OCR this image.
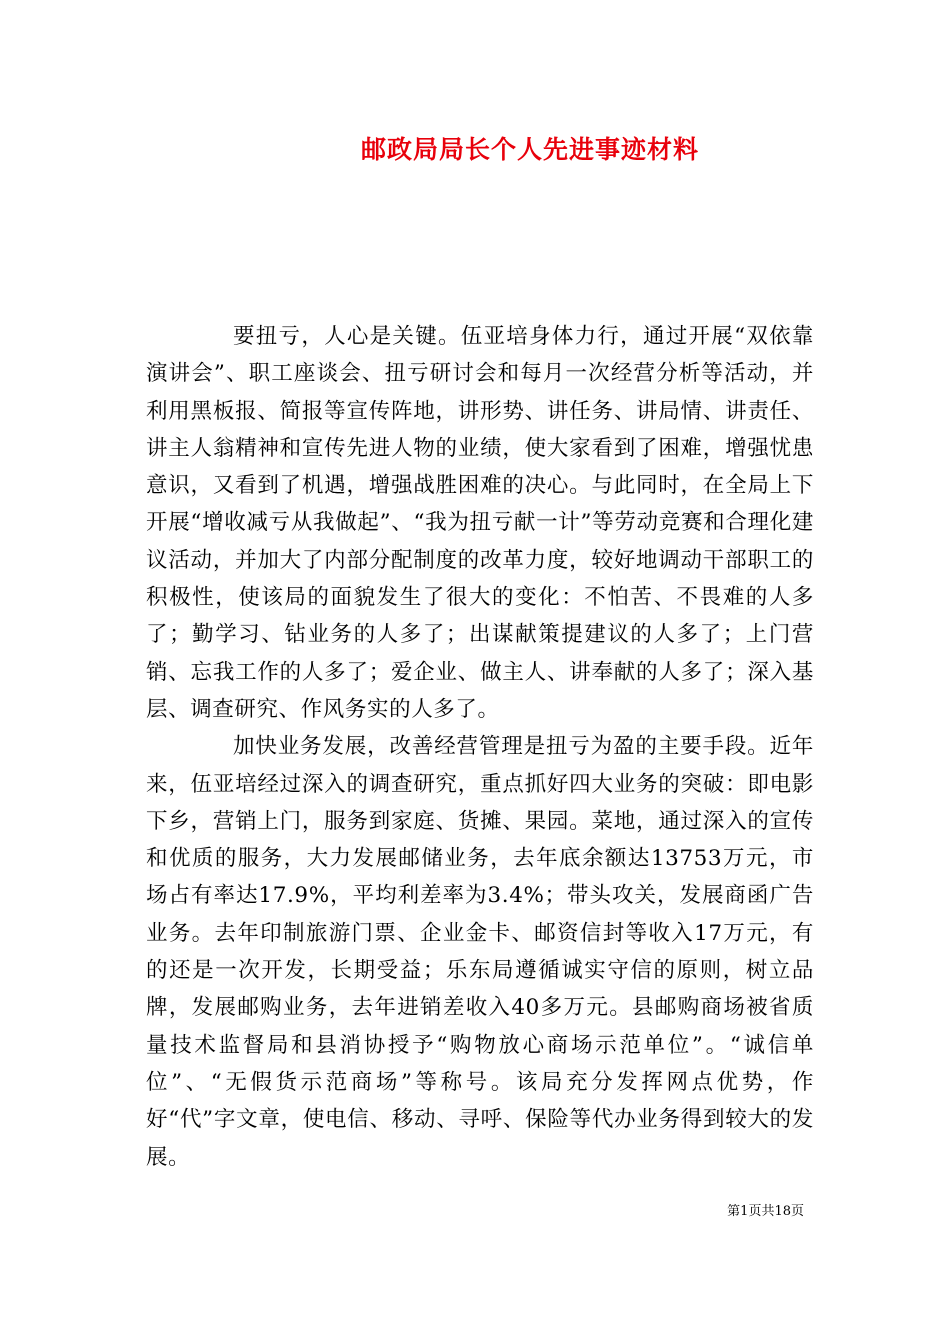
邮政局局长个人先进事迹材料

要扭亏，人心是关键。伍亚培身体力行，通过开展“双依靠演讲会”、职工座谈会、扭亏研讨会和每月一次经营分析等活动，并利用黑板报、简报等宣传阵地，讲形势、讲任务、讲局情、讲责任、讲主人翁精神和宣传先进人物的业绩，使大家看到了困难，增强忧患意识，又看到了机遇，增强战胜困难的决心。与此同时，在全局上下开展“增收减亏从我做起”、“我为扭亏献一计”等劳动竞赛和合理化建议活动，并加大了内部分配制度的改革力度，较好地调动干部职工的积极性，使该局的面貌发生了很大的变化：不怕苦、不畏难的人多了；勤学习、钻业务的人多了；出谋献策提建议的人多了；上门营销、忘我工作的人多了；爱企业、做主人、讲奉献的人多了；深入基层、调查研究、作风务实的人多了。

加快业务发展，改善经营管理是扭亏为盈的主要手段。近年来，伍亚培经过深入的调查研究，重点抓好四大业务的突破：即电影下乡，营销上门，服务到家庭、货摊、果园。菜地，通过深入的宣传和优质的服务，大力发展邮储业务，去年底余额达13753万元，市场占有率达17.9%，平均利差率为3.4%；带头攻关，发展商函广告业务。去年印制旅游门票、企业金卡、邮资信封等收入17万元，有的还是一次开发，长期受益；乐东局遵循诚实守信的原则，树立品牌，发展邮购业务，去年进销差收入40多万元。县邮购商场被省质量技术监督局和县消协授予“购物放心商场示范单位”。“诚信单位”、“无假货示范商场”等称号。该局充分发挥网点优势，作好“代”字文章，使电信、移动、寻呼、保险等代办业务得到较大的发展。

第1页共18页
